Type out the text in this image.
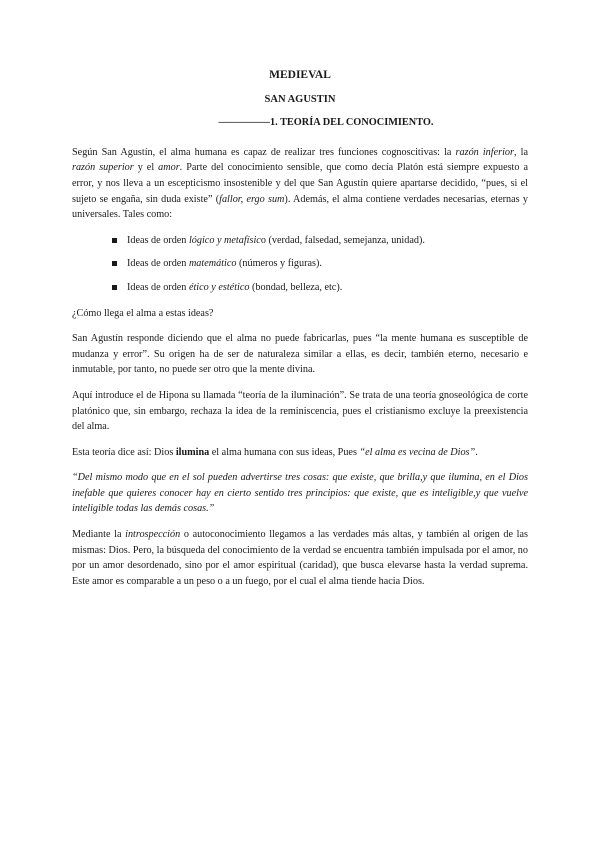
MEDIEVAL
SAN AGUSTIN
—————1. TEORÍA DEL CONOCIMIENTO.

Según San Agustín, el alma humana es capaz de realizar tres funciones cognoscitivas: la razón inferior, la razón superior y el amor. Parte del conocimiento sensible, que como decía Platón está siempre expuesto a error, y nos lleva a un escepticismo insostenible y del que San Agustín quiere apartarse decidido, “pues, si el sujeto se engaña, sin duda existe” (fallor, ergo sum). Además, el alma contiene verdades necesarias, eternas y universales. Tales como:

Ideas de orden lógico y metafísico (verdad, falsedad, semejanza, unidad).
Ideas de orden matemático (números y figuras).
Ideas de orden ético y estético (bondad, belleza, etc).

¿Cómo llega el alma a estas ideas?

San Agustín responde diciendo que el alma no puede fabricarlas, pues “la mente humana es susceptible de mudanza y error”. Su origen ha de ser de naturaleza similar a ellas, es decir, también eterno, necesario e inmutable, por tanto, no puede ser otro que la mente divina.

Aquí introduce el de Hipona su llamada “teoría de la iluminación”. Se trata de una teoría gnoseológica de corte platónico que, sin embargo, rechaza la idea de la reminiscencia, pues el cristianismo excluye la preexistencia del alma.

Esta teoría dice así: Dios ilumina el alma humana con sus ideas, Pues “el alma es vecina de Dios”.

“Del mismo modo que en el sol pueden advertirse tres cosas: que existe, que brilla,y que ilumina, en el Dios inefable que quieres conocer hay en cierto sentido tres principios: que existe, que es inteligible,y que vuelve inteligible todas las demás cosas.”

Mediante la introspección o autoconocimiento llegamos a las verdades más altas, y también al origen de las mismas: Dios. Pero, la búsqueda del conocimiento de la verdad se encuentra también impulsada por el amor, no por un amor desordenado, sino por el amor espiritual (caridad), que busca elevarse hasta la verdad suprema. Este amor es comparable a un peso o a un fuego, por el cual el alma tiende hacia Dios.
